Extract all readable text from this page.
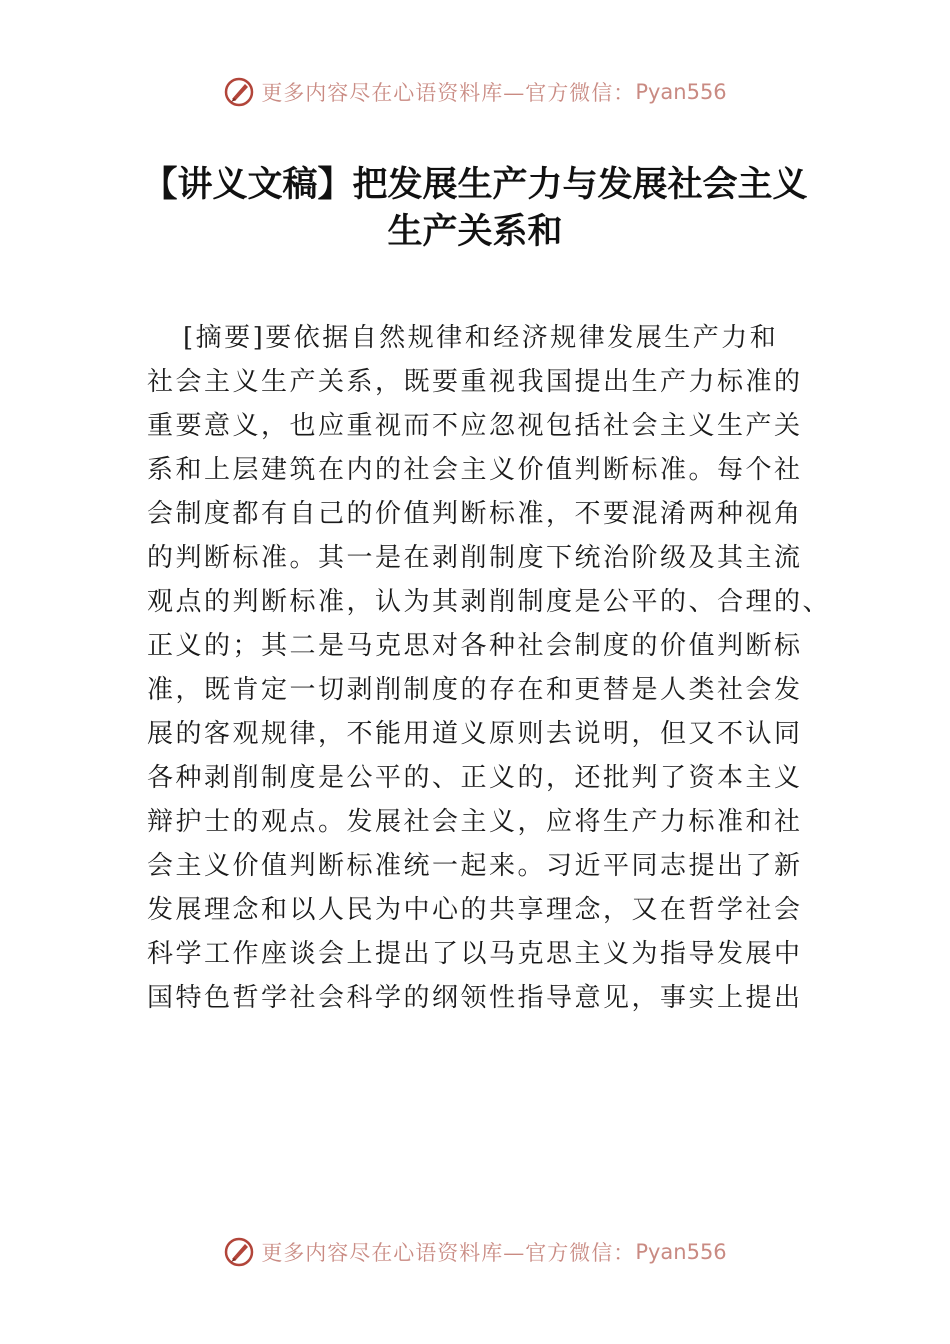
更多内容尽在心语资料库—官方微信： Pyan556
【讲义文稿】把发展生产力与发展社会主义
生产关系和
[摘要]要依据自然规律和经济规律发展生产力和
社会主义生产关系，既要重视我国提出生产力标准的
重要意义，也应重视而不应忽视包括社会主义生产关
系和上层建筑在内的社会主义价值判断标准。每个社
会制度都有自己的价值判断标准，不要混淆两种视角
的判断标准。其一是在剥削制度下统治阶级及其主流
观点的判断标准，认为其剥削制度是公平的、合理的、
正义的；其二是马克思对各种社会制度的价值判断标
准，既肯定一切剥削制度的存在和更替是人类社会发
展的客观规律，不能用道义原则去说明，但又不认同
各种剥削制度是公平的、正义的，还批判了资本主义
辩护士的观点。发展社会主义，应将生产力标准和社
会主义价值判断标准统一起来。习近平同志提出了新
发展理念和以人民为中心的共享理念，又在哲学社会
科学工作座谈会上提出了以马克思主义为指导发展中
国特色哲学社会科学的纲领性指导意见，事实上提出
更多内容尽在心语资料库—官方微信： Pyan556
